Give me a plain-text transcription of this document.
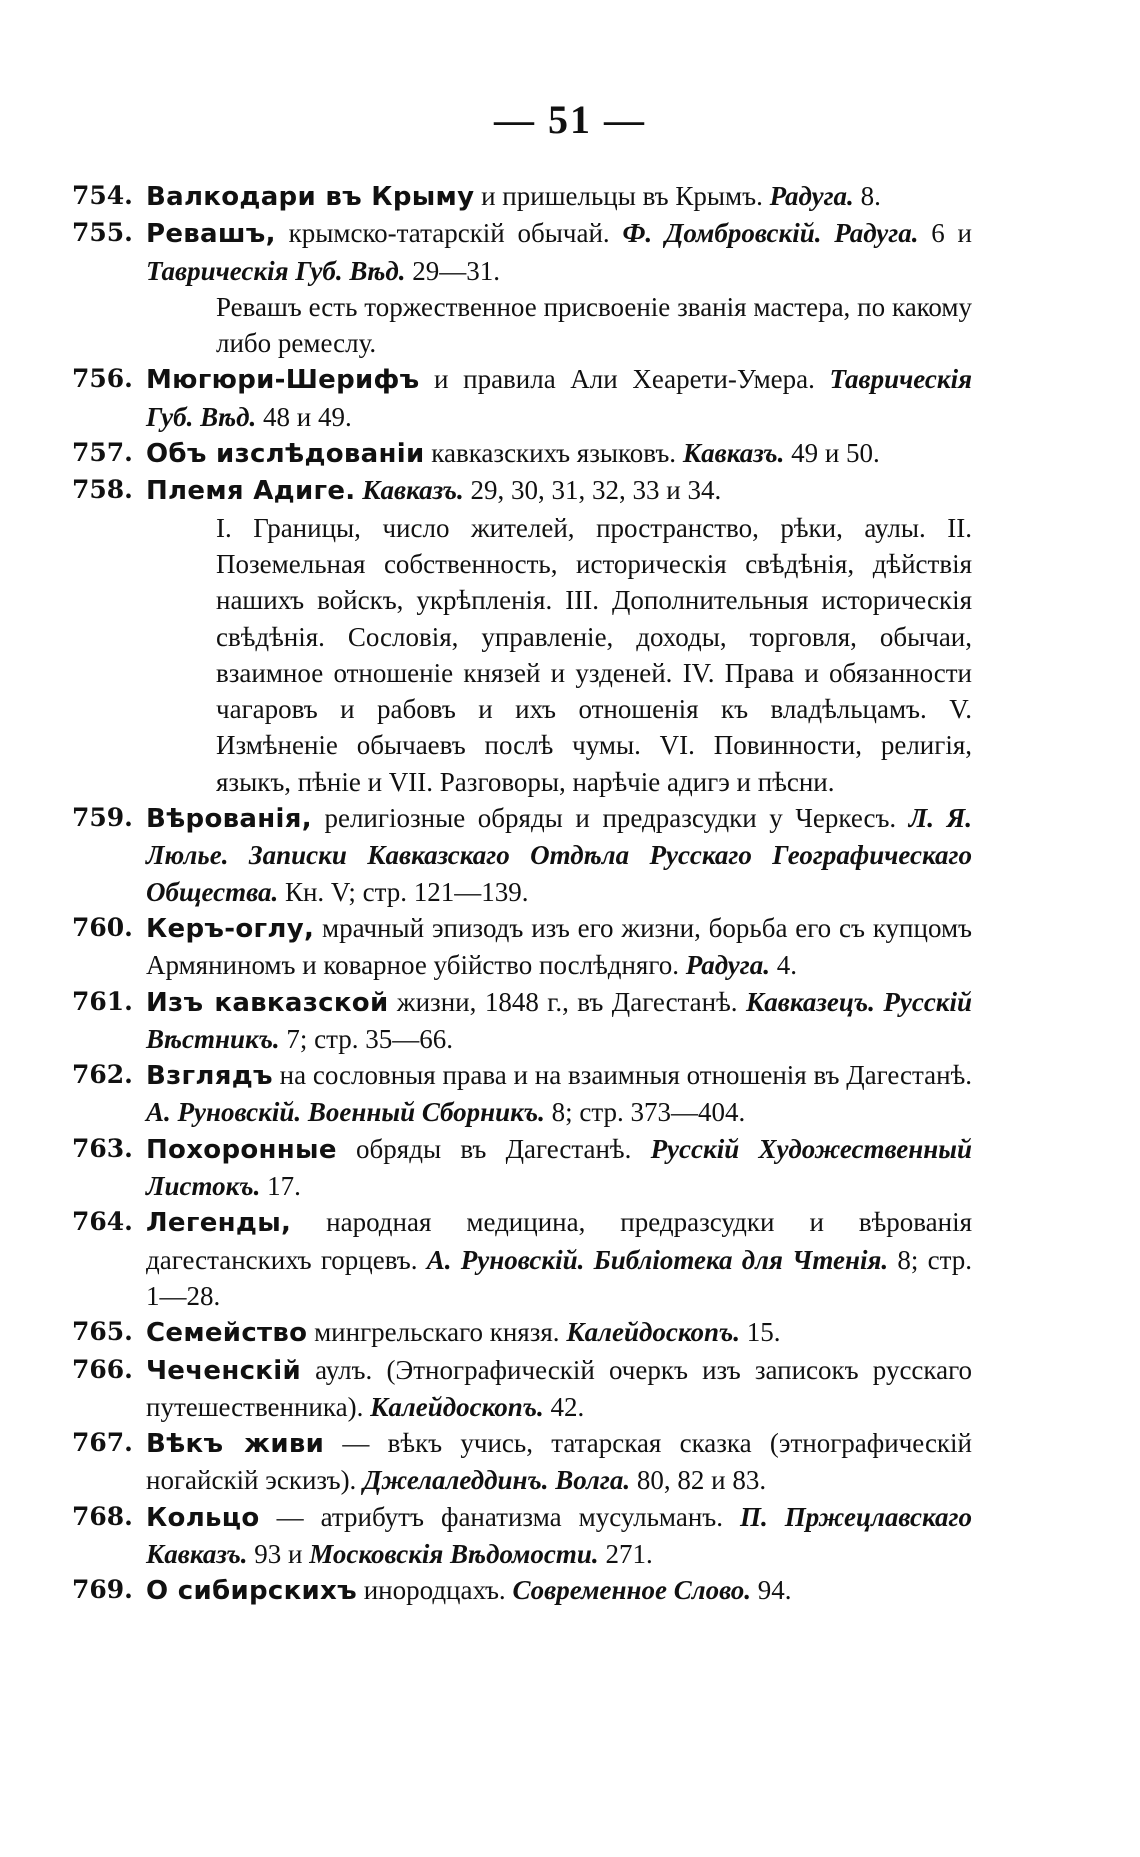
— 51 —
754. Валкодари въ Крыму и пришельцы въ Крымъ. Радуга. 8.
755. Ревашъ, крымско-татарскій обычай. Ф. Домбровскій. Радуга. 6 и Таврическія Губ. Вѣд. 29—31.
Ревашъ есть торжественное присвоеніе званія мастера, по какому либо ремеслу.
756. Мюгюри-Шерифъ и правила Али Хеарети-Умера. Таврическія Губ. Вѣд. 48 и 49.
757. Объ изслѣдованіи кавказскихъ языковъ. Кавказъ. 49 и 50.
758. Племя Адиге. Кавказъ. 29, 30, 31, 32, 33 и 34.
I. Границы, число жителей, пространство, рѣки, аулы. II. Поземельная собственность, историческія свѣдѣнія, дѣйствія нашихъ войскъ, укрѣпленія. III. Дополнительныя историческія свѣдѣнія. Сословія, управленіе, доходы, торговля, обычаи, взаимное отношеніе князей и узденей. IV. Права и обязанности чагаровъ и рабовъ и ихъ отношенія къ владѣльцамъ. V. Измѣненіе обычаевъ послѣ чумы. VI. Повинности, религія, языкъ, пѣніе и VII. Разговоры, нарѣчіе адигэ и пѣсни.
759. Вѣрованія, религіозные обряды и предразсудки у Черкесъ. Л. Я. Люлье. Записки Кавказскаго Отдѣла Русскаго Географическаго Общества. Кн. V; стр. 121—139.
760. Керъ-оглу, мрачный эпизодъ изъ его жизни, борьба его съ купцомъ Армяниномъ и коварное убійство послѣдняго. Радуга. 4.
761. Изъ кавказской жизни, 1848 г., въ Дагестанѣ. Кавказецъ. Русскій Вѣстникъ. 7; стр. 35—66.
762. Взглядъ на сословныя права и на взаимныя отношенія въ Дагестанѣ. А. Руновскій. Военный Сборникъ. 8; стр. 373—404.
763. Похоронные обряды въ Дагестанѣ. Русскій Художественный Листокъ. 17.
764. Легенды, народная медицина, предразсудки и вѣрованія дагестанскихъ горцевъ. А. Руновскій. Библіотека для Чтенія. 8; стр. 1—28.
765. Семейство мингрельскаго князя. Калейдоскопъ. 15.
766. Чеченскій аулъ. (Этнографическій очеркъ изъ записокъ русскаго путешественника). Калейдоскопъ. 42.
767. Вѣкъ живи — вѣкъ учись, татарская сказка (этнографическій ногайскій эскизъ). Джелаледдинъ. Волга. 80, 82 и 83.
768. Кольцо — атрибутъ фанатизма мусульманъ. П. Пржецлавскаго Кавказъ. 93 и Московскія Вѣдомости. 271.
769. О сибирскихъ инородцахъ. Современное Слово. 94.
